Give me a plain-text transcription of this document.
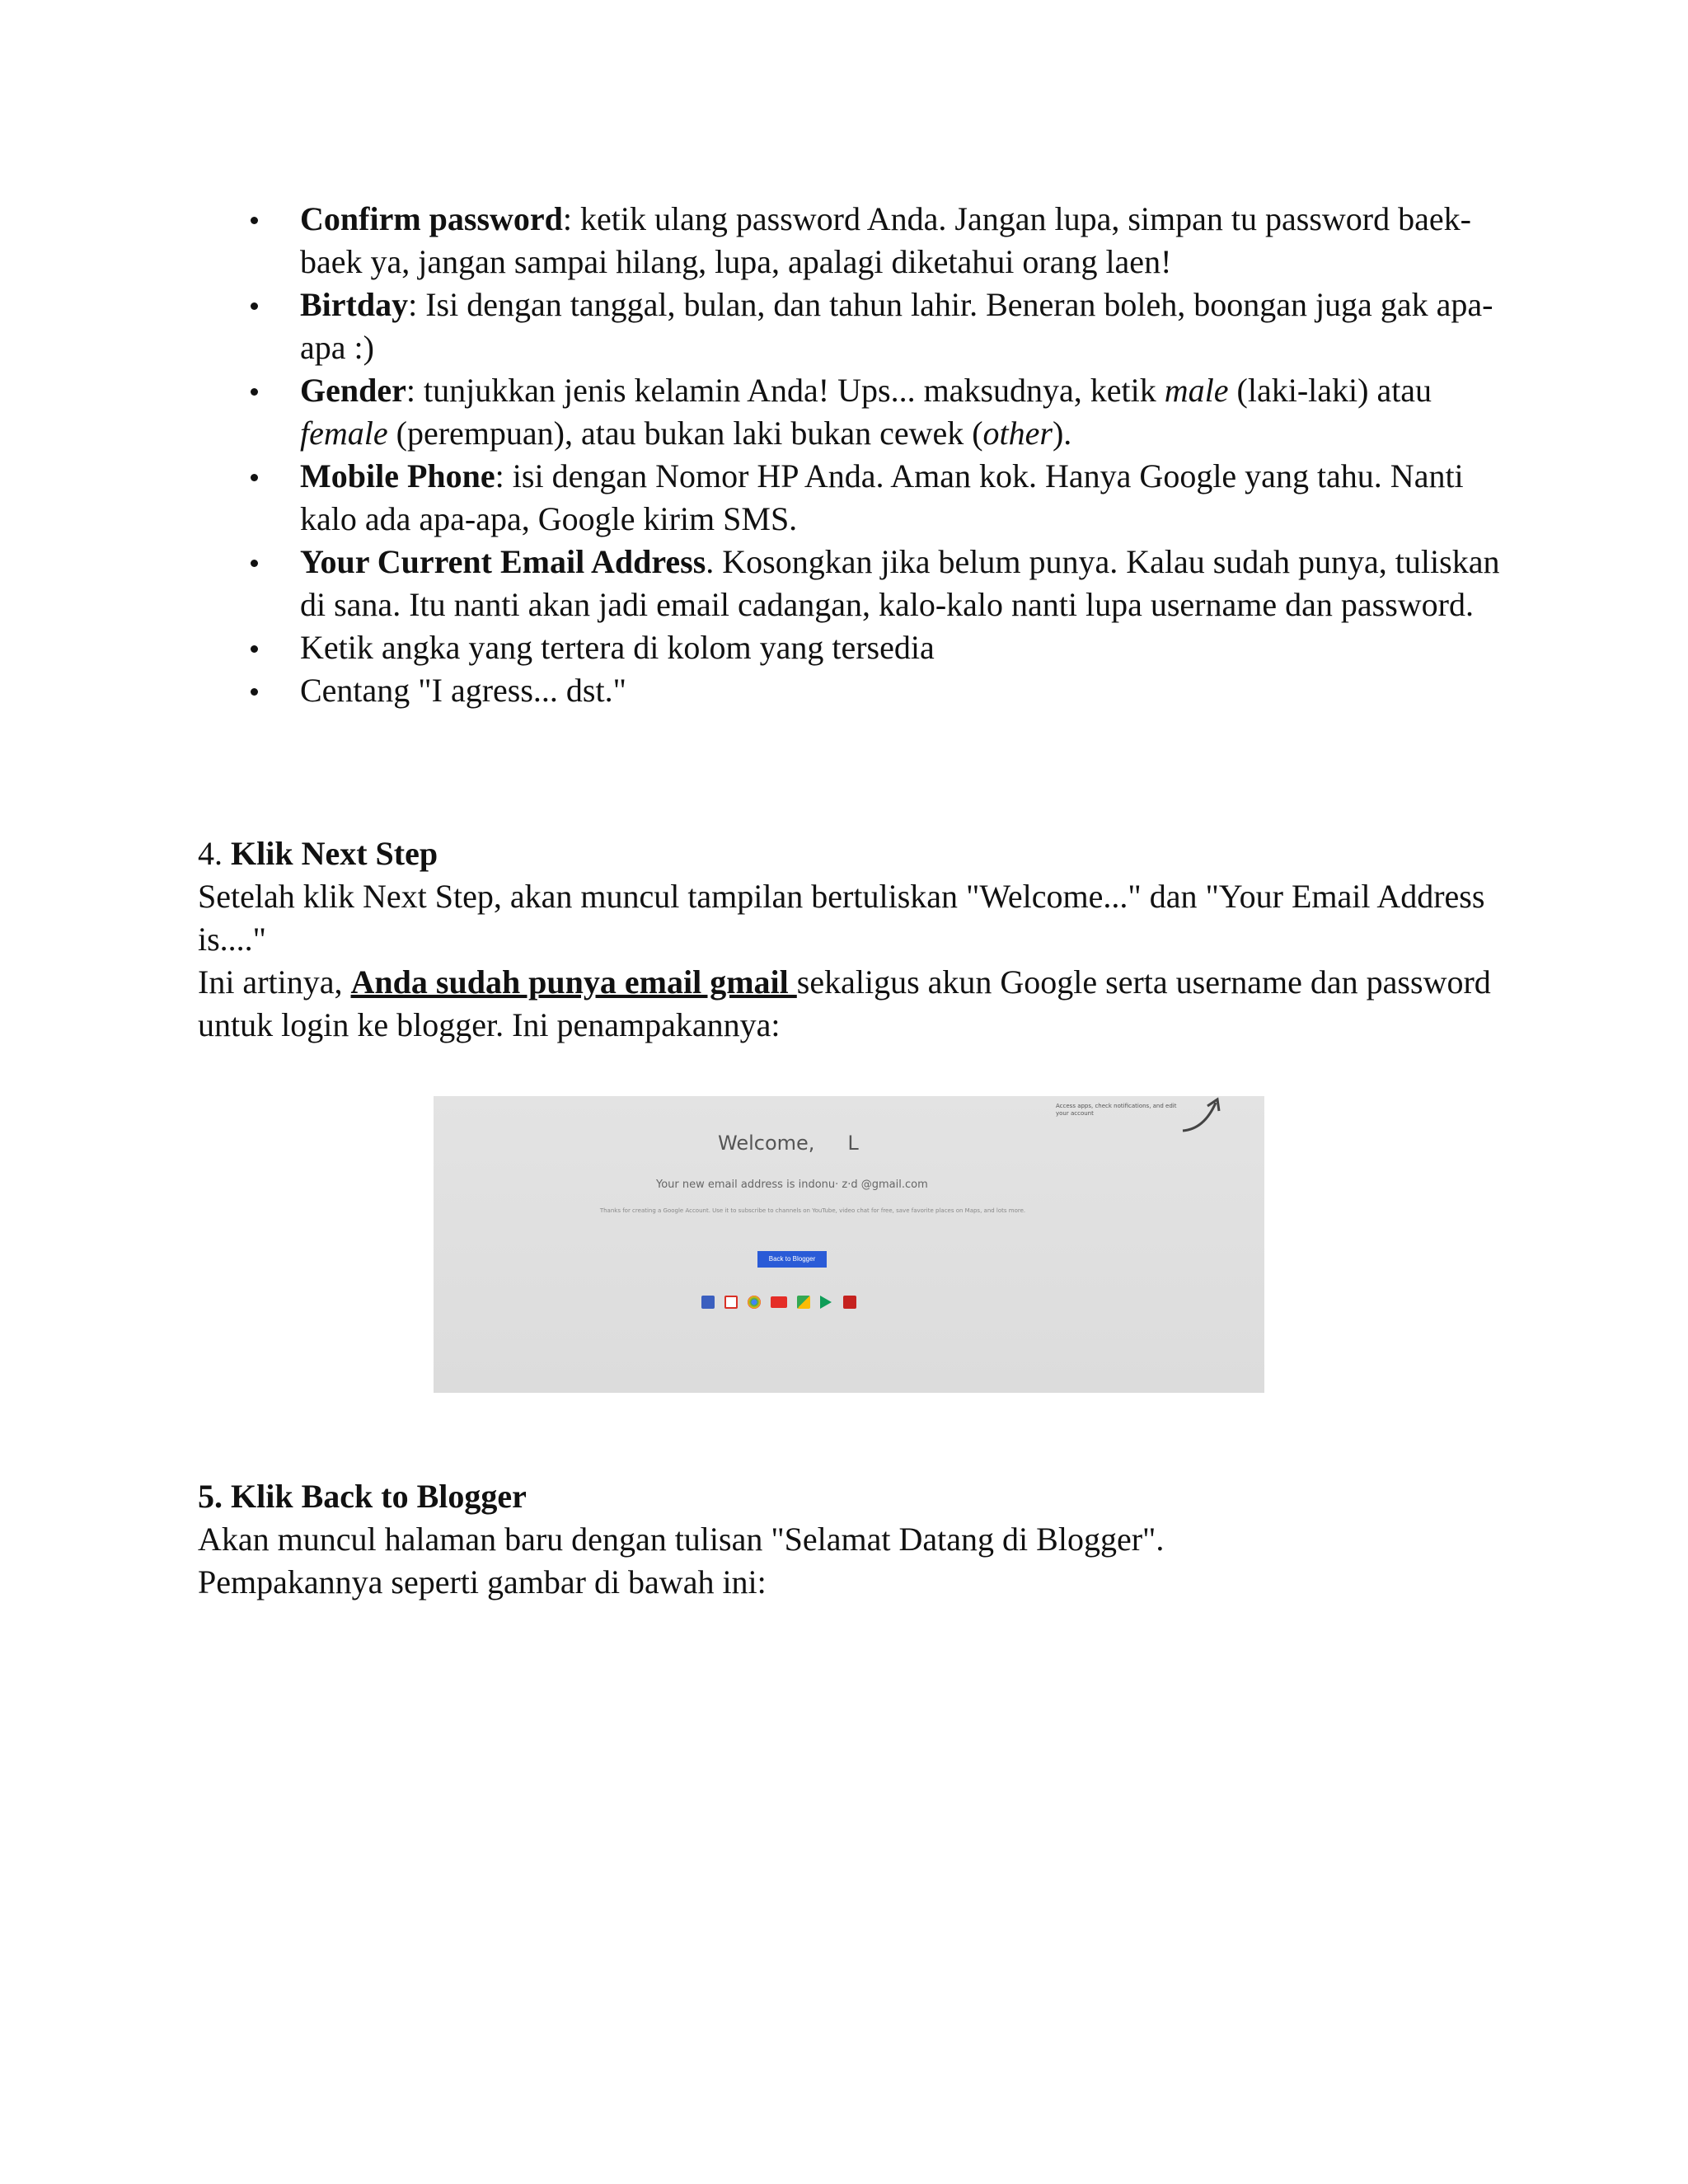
Confirm password: ketik ulang password Anda. Jangan lupa, simpan tu password baek-baek ya, jangan sampai hilang, lupa, apalagi diketahui orang laen!
Birtday: Isi dengan tanggal, bulan, dan tahun lahir. Beneran boleh, boongan juga gak apa-apa :)
Gender: tunjukkan jenis kelamin Anda! Ups... maksudnya, ketik male (laki-laki) atau female (perempuan), atau bukan laki bukan cewek (other).
Mobile Phone: isi dengan Nomor HP Anda. Aman kok. Hanya Google yang tahu. Nanti kalo ada apa-apa, Google kirim SMS.
Your Current Email Address. Kosongkan jika belum punya. Kalau sudah punya, tuliskan di sana. Itu nanti akan jadi email cadangan, kalo-kalo nanti lupa username dan password.
Ketik angka yang tertera di kolom yang tersedia
Centang "I agress... dst."

4. Klik Next Step

Setelah klik Next Step, akan muncul tampilan bertuliskan "Welcome..." dan "Your Email Address is...."

Ini artinya, Anda sudah punya email gmail sekaligus akun Google serta username dan password untuk login ke blogger. Ini penampakannya:

Welcome, L
Your new email address is indonu· z·d @gmail.com
Thanks for creating a Google Account. Use it to subscribe to channels on YouTube, video chat for free, save favorite places on Maps, and lots more.
Back to Blogger
Access apps, check notifications, and edit your account

5. Klik Back to Blogger

Akan muncul halaman baru dengan tulisan "Selamat Datang di Blogger".

Pempakannya seperti gambar di bawah ini:
